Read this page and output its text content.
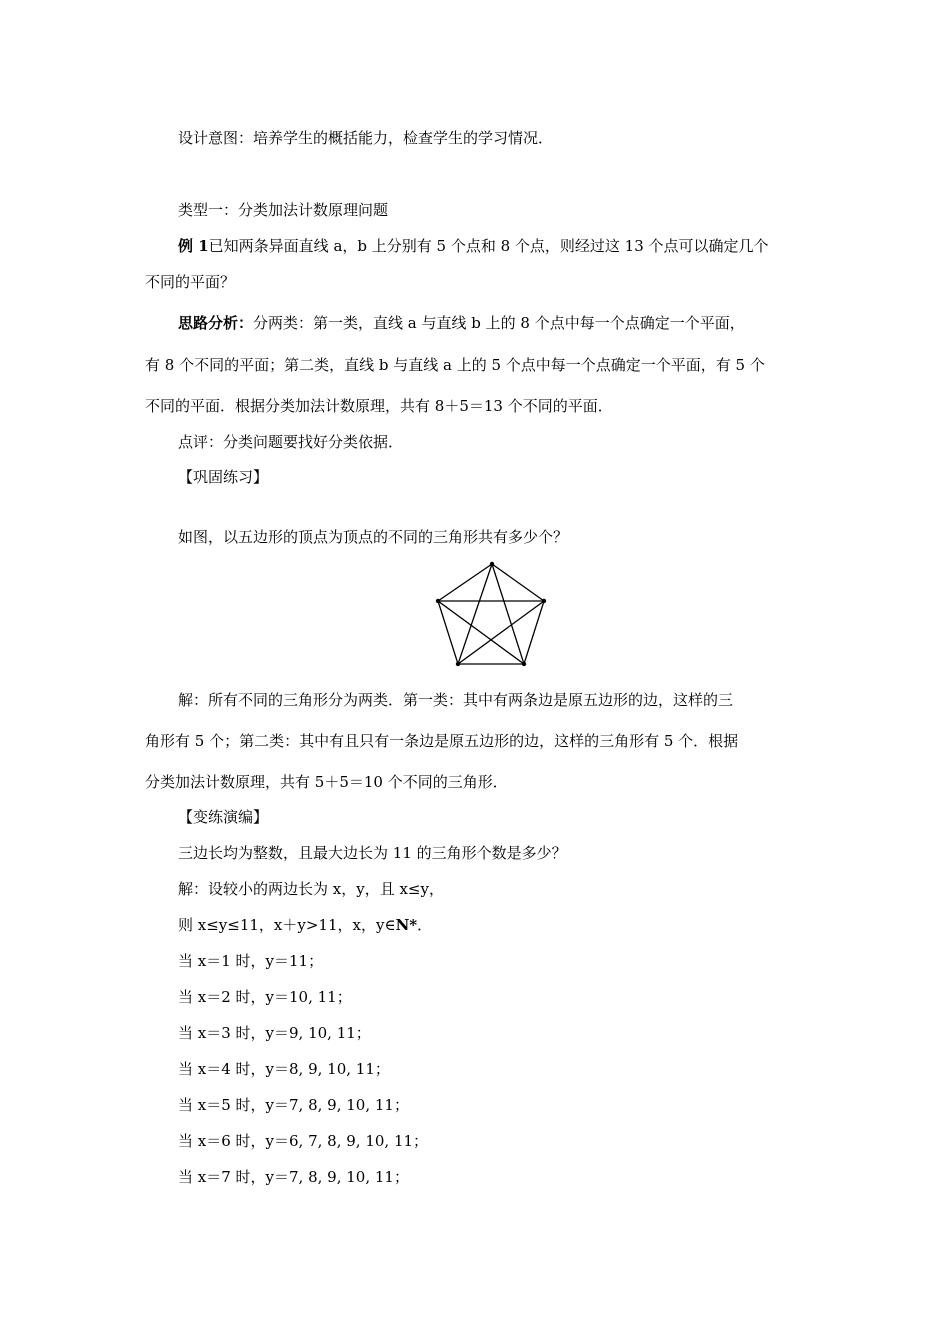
设计意图：培养学生的概括能力，检查学生的学习情况．
类型一：分类加法计数原理问题
例 1已知两条异面直线 a，b 上分别有 5 个点和 8 个点，则经过这 13 个点可以确定几个
不同的平面？
思路分析：分两类：第一类，直线 a 与直线 b 上的 8 个点中每一个点确定一个平面，
有 8 个不同的平面；第二类，直线 b 与直线 a 上的 5 个点中每一个点确定一个平面，有 5 个
不同的平面．根据分类加法计数原理，共有 8＋5＝13 个不同的平面．
点评：分类问题要找好分类依据．
【巩固练习】
如图，以五边形的顶点为顶点的不同的三角形共有多少个？
解：所有不同的三角形分为两类．第一类：其中有两条边是原五边形的边，这样的三
角形有 5 个；第二类：其中有且只有一条边是原五边形的边，这样的三角形有 5 个．根据
分类加法计数原理，共有 5＋5＝10 个不同的三角形．
【变练演编】
三边长均为整数，且最大边长为 11 的三角形个数是多少？
解：设较小的两边长为 x，y，且 x≤y，
则 x≤y≤11，x＋y>11，x，y∈N*．
当 x＝1 时，y＝11；
当 x＝2 时，y＝10, 11；
当 x＝3 时，y＝9, 10, 11；
当 x＝4 时，y＝8, 9, 10, 11；
当 x＝5 时，y＝7, 8, 9, 10, 11；
当 x＝6 时，y＝6, 7, 8, 9, 10, 11；
当 x＝7 时，y＝7, 8, 9, 10, 11；
